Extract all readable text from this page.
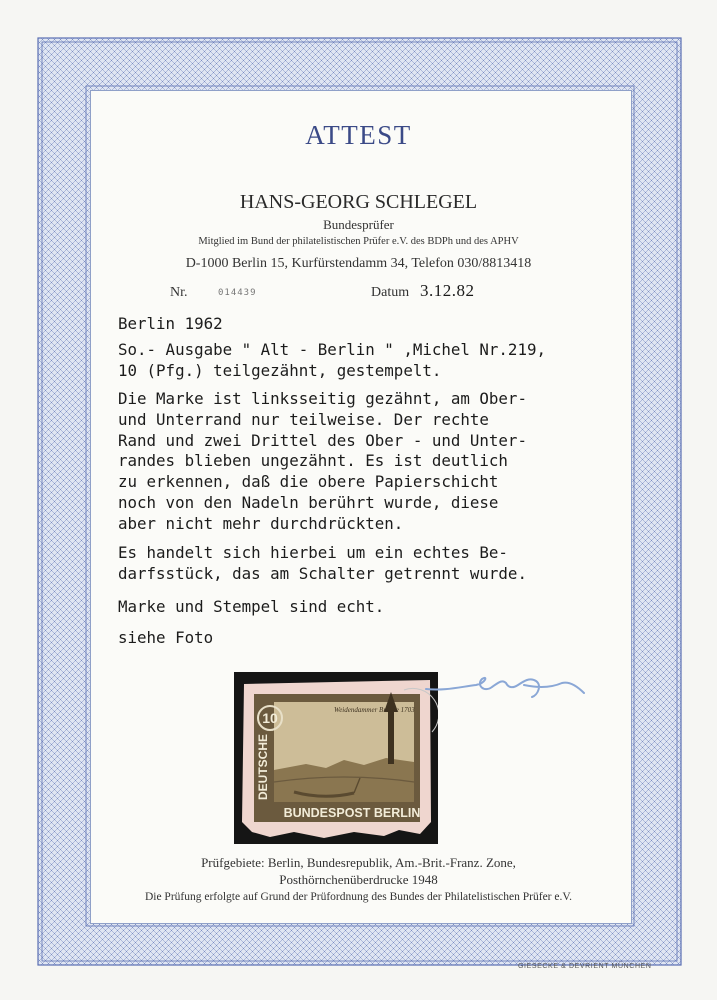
ATTEST
HANS-GEORG SCHLEGEL
Bundesprüfer
Mitglied im Bund der philatelistischen Prüfer e.V. des BDPh und des APHV
D-1000 Berlin 15, Kurfürstendamm 34, Telefon 030/8813418
Nr.	014439	Datum 3.12.82
Berlin 1962
So.- Ausgabe " Alt - Berlin " ,Michel Nr.219,
10 (Pfg.) teilgezähnt, gestempelt.
Die Marke ist linksseitig gezähnt, am Ober-
und Unterrand nur teilweise. Der rechte
Rand und zwei Drittel des Ober - und Unter-
randes blieben ungezähnt. Es ist deutlich
zu erkennen, daß die obere Papierschicht
noch von den Nadeln berührt wurde, diese
aber nicht mehr durchdrückten.
Es handelt sich hierbei um ein echtes Be-
darfsstück, das am Schalter getrennt wurde.
Marke und Stempel sind echt.
siehe Foto
10
DEUTSCHE
BUNDESPOST BERLIN
Weidendammer Brücke 1703
Prüfgebiete: Berlin, Bundesrepublik, Am.-Brit.-Franz. Zone,
Posthörnchenüberdrucke 1948
Die Prüfung erfolgte auf Grund der Prüfordnung des Bundes der Philatelistischen Prüfer e.V.
GIESECKE & DEVRIENT MÜNCHEN
